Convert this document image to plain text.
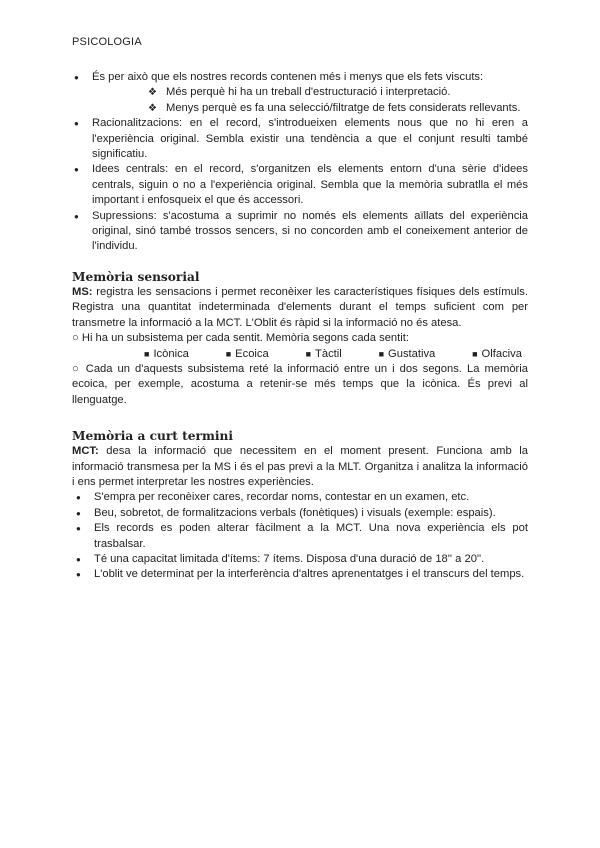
PSICOLOGIA
● És per això que els nostres records contenen més i menys que els fets viscuts:
❖ Més perquè hi ha un treball d'estructuració i interpretació.
❖ Menys perquè es fa una selecció/filtratge de fets considerats rellevants.
● Racionalitzacions: en el record, s'introdueixen elements nous que no hi eren a l'experiència original. Sembla existir una tendència a que el conjunt resulti també significatiu.
● Idees centrals: en el record, s'organitzen els elements entorn d'una sèrie d'idees centrals, siguin o no a l'experiència original. Sembla que la memòria subratlla el més important i enfosqueix el que és accessori.
● Supressions: s'acostuma a suprimir no només els elements aïllats del experiència original, sinó també trossos sencers, si no concorden amb el coneixement anterior de l'individu.
Memòria sensorial

MS: registra les sensacions i permet reconèixer les característiques físiques dels estímuls. Registra una quantitat indeterminada d'elements durant el temps suficient com per transmetre la informació a la MCT. L'Oblit és ràpid si la informació no és atesa.

○ Hi ha un subsistema per cada sentit. Memòria segons cada sentit:

■ Icònica	■ Ecoica	■ Tàctil	■ Gustativa	■ Olfaciva

○ Cada un d'aquests subsistema reté la informació entre un i dos segons. La memòria ecoica, per exemple, acostuma a retenir-se més temps que la icònica. És previ al llenguatge.

Memòria a curt termini

MCT: desa la informació que necessitem en el moment present. Funciona amb la informació transmesa per la MS i és el pas previ a la MLT. Organitza i analitza la informació i ens permet interpretar les nostres experiències.

● S'empra per reconèixer cares, recordar noms, contestar en un examen, etc.
● Beu, sobretot, de formalitzacions verbals (fonètiques) i visuals (exemple: espais).
● Els records es poden alterar fàcilment a la MCT. Una nova experiència els pot trasbalsar.
● Té una capacitat limitada d'ítems: 7 ítems. Disposa d'una duració de 18'' a 20''.
● L'oblit ve determinat per la interferència d'altres aprenentatges i el transcurs del temps.
